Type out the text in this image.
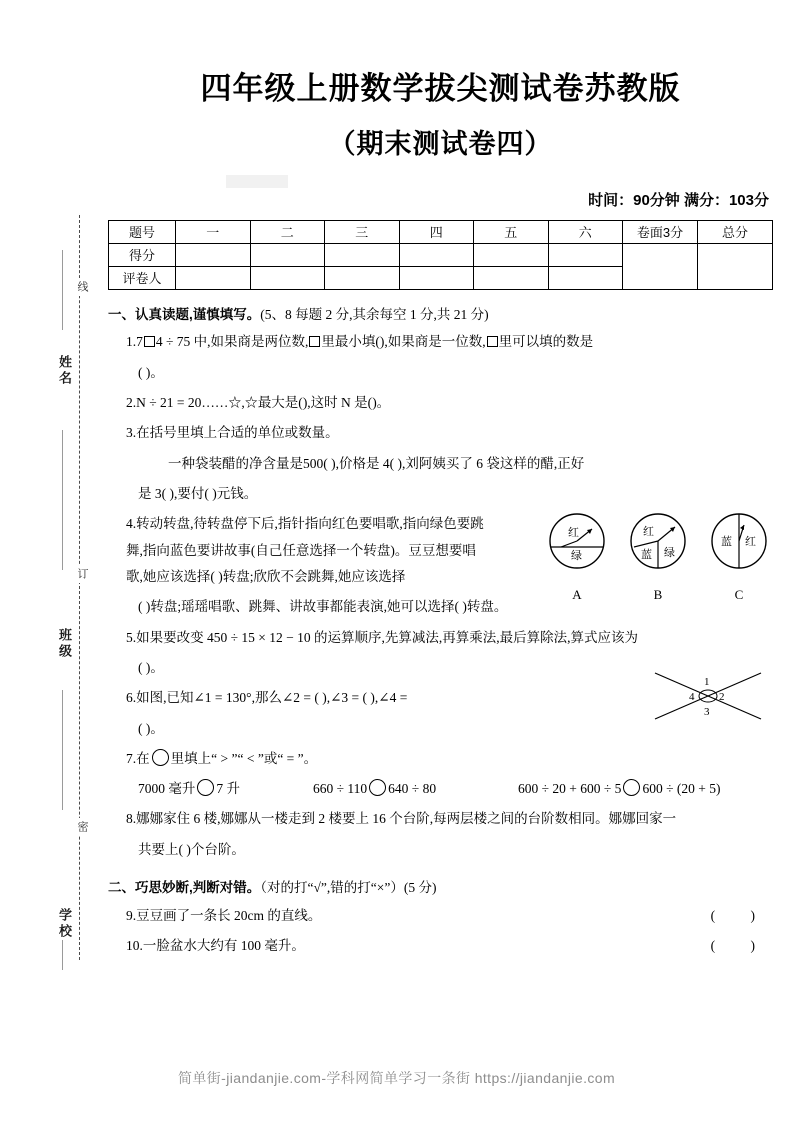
线
订
密
姓名
班级
学校
四年级上册数学拔尖测试卷苏教版
（期末测试卷四）
时间：90分钟 满分：103分
题号	一	二	三	四	五	六	卷面3分	总分
得分								
评卷人								
一、认真读题,谨慎填写。(5、8 每题 2 分,其余每空 1 分,共 21 分)
1.7 4 ÷ 75 中,如果商是两位数, 里最小填(),如果商是一位数, 里可以填的数是
( )。
2.N ÷ 21 = 20……☆,☆最大是(),这时 N 是()。
3.在括号里填上合适的单位或数量。
一种袋装醋的净含量是500( ),价格是 4( ),刘阿姨买了 6 袋这样的醋,正好
是 3( ),要付( )元钱。
4.转动转盘,待转盘停下后,指针指向红色要唱歌,指向绿色要跳
舞,指向蓝色要讲故事(自己任意选择一个转盘)。豆豆想要唱
歌,她应该选择( )转盘;欣欣不会跳舞,她应该选择
红
绿
A
红
蓝 绿
B
蓝 红
C
( )转盘;瑶瑶唱歌、跳舞、讲故事都能表演,她可以选择( )转盘。
5.如果要改变 450 ÷ 15 × 12 − 10 的运算顺序,先算减法,再算乘法,最后算除法,算式应该为
( )。
6.如图,已知∠1 = 130°,那么∠2 = ( ),∠3 = ( ),∠4 =
1
2
3
4
( )。
7.在 里填上“ > ”“ < ”或“ = ”。
7000 毫升 7 升	660 ÷ 110 640 ÷ 80	600 ÷ 20 + 600 ÷ 5 600 ÷ (20 + 5)
8.娜娜家住 6 楼,娜娜从一楼走到 2 楼要上 16 个台阶,每两层楼之间的台阶数相同。娜娜回家一
共要上( )个台阶。
二、巧思妙断,判断对错。（对的打“√”,错的打“×”）(5 分)
9.豆豆画了一条长 20cm 的直线。	( )
10.一脸盆水大约有 100 毫升。	( )
简单街-jiandanjie.com-学科网简单学习一条街 https://jiandanjie.com
